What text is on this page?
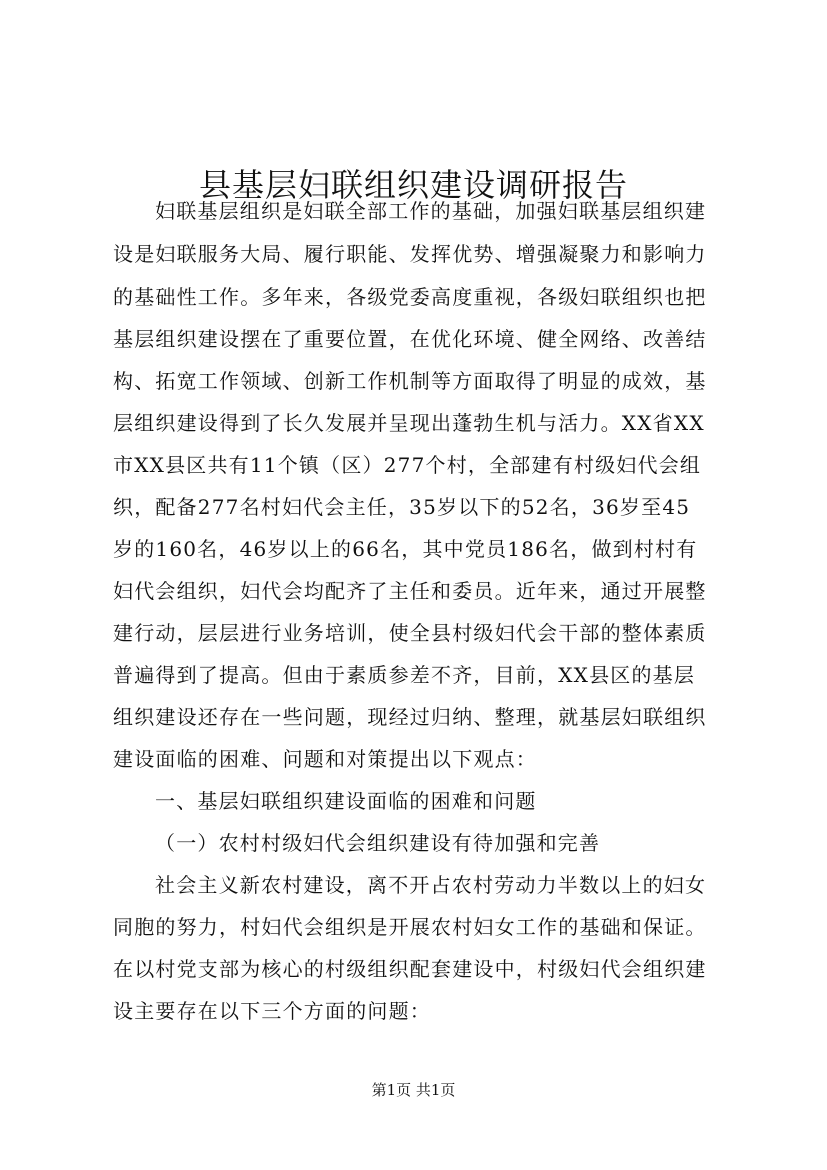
县基层妇联组织建设调研报告
妇联基层组织是妇联全部工作的基础，加强妇联基层组织建
设是妇联服务大局、履行职能、发挥优势、增强凝聚力和影响力
的基础性工作。多年来，各级党委高度重视，各级妇联组织也把
基层组织建设摆在了重要位置，在优化环境、健全网络、改善结
构、拓宽工作领域、创新工作机制等方面取得了明显的成效，基
层组织建设得到了长久发展并呈现出蓬勃生机与活力。XX省XX
市XX县区共有11个镇（区）277个村，全部建有村级妇代会组
织，配备277名村妇代会主任，35岁以下的52名，36岁至45
岁的160名，46岁以上的66名，其中党员186名，做到村村有
妇代会组织，妇代会均配齐了主任和委员。近年来，通过开展整
建行动，层层进行业务培训，使全县村级妇代会干部的整体素质
普遍得到了提高。但由于素质参差不齐，目前，XX县区的基层
组织建设还存在一些问题，现经过归纳、整理，就基层妇联组织
建设面临的困难、问题和对策提出以下观点：
一、基层妇联组织建设面临的困难和问题
（一）农村村级妇代会组织建设有待加强和完善
社会主义新农村建设，离不开占农村劳动力半数以上的妇女
同胞的努力，村妇代会组织是开展农村妇女工作的基础和保证。
在以村党支部为核心的村级组织配套建设中，村级妇代会组织建
设主要存在以下三个方面的问题：
第1页 共1页
